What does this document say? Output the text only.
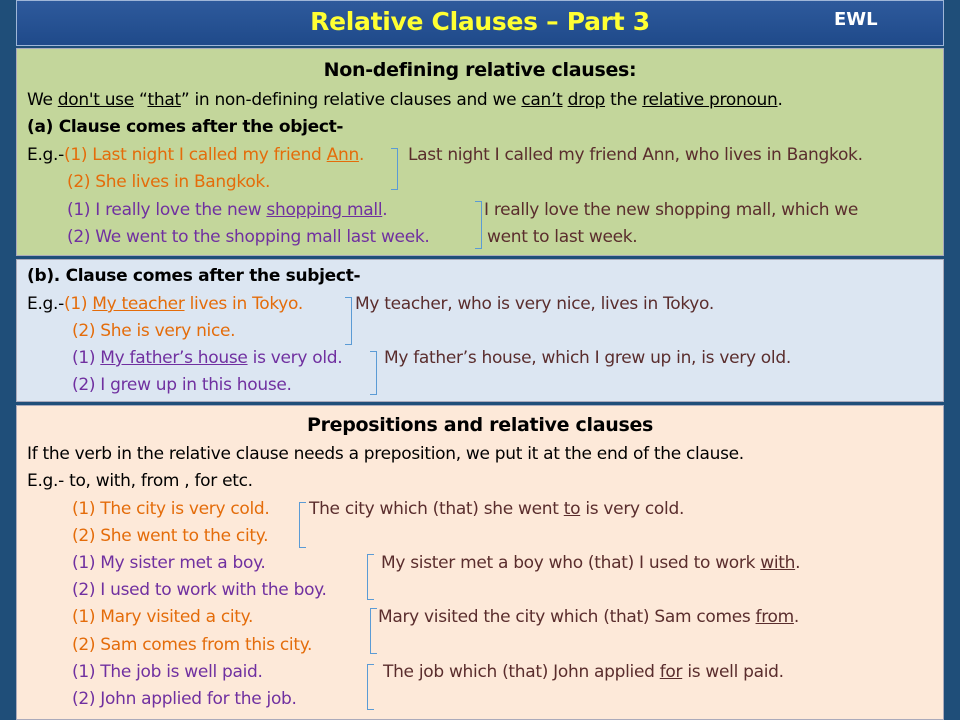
Relative Clauses – Part 3	EWL
Non-defining relative clauses:
We don't use “that” in non-defining relative clauses and we can’t drop the relative pronoun.
(a) Clause comes after the object-
E.g.-(1) Last night I called my friend Ann.
(2) She lives in Bangkok.
Last night I called my friend Ann, who lives in Bangkok.
(1) I really love the new shopping mall.
(2) We went to the shopping mall last week.
I really love the new shopping mall, which we
went to last week.
(b). Clause comes after the subject-
E.g.-(1) My teacher lives in Tokyo.
(2) She is very nice.
My teacher, who is very nice, lives in Tokyo.
(1) My father’s house is very old.
(2) I grew up in this house.
My father’s house, which I grew up in, is very old.
Prepositions and relative clauses
If the verb in the relative clause needs a preposition, we put it at the end of the clause.
E.g.- to, with, from , for etc.
(1) The city is very cold.
(2) She went to the city.
The city which (that) she went to is very cold.
(1) My sister met a boy.
(2) I used to work with the boy.
My sister met a boy who (that) I used to work with.
(1) Mary visited a city.
(2) Sam comes from this city.
Mary visited the city which (that) Sam comes from.
(1) The job is well paid.
(2) John applied for the job.
The job which (that) John applied for is well paid.
